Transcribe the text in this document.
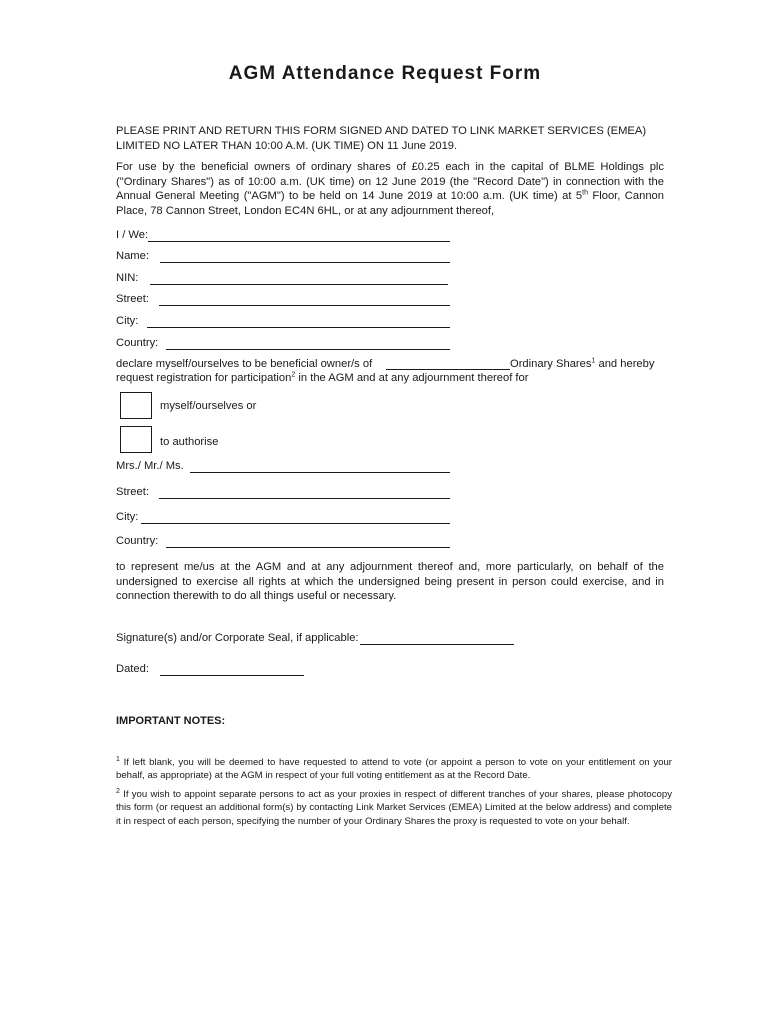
AGM Attendance Request Form
PLEASE PRINT AND RETURN THIS FORM SIGNED AND DATED TO LINK MARKET SERVICES (EMEA) LIMITED NO LATER THAN 10:00 A.M. (UK TIME) ON 11 June 2019.
For use by the beneficial owners of ordinary shares of £0.25 each in the capital of BLME Holdings plc ("Ordinary Shares") as of 10:00 a.m. (UK time) on 12 June 2019 (the "Record Date") in connection with the Annual General Meeting ("AGM") to be held on 14 June 2019 at 10:00 a.m. (UK time) at 5th Floor, Cannon Place, 78 Cannon Street, London EC4N 6HL, or at any adjournment thereof,
I / We:
Name:
NIN:
Street:
City:
Country:
declare myself/ourselves to be beneficial owner/s of	Ordinary Shares$^1$ and hereby
request registration for participation$^2$ in the AGM and at any adjournment thereof for
myself/ourselves or
to authorise
Mrs./ Mr./ Ms.
Street:
City:
Country:
to represent me/us at the AGM and at any adjournment thereof and, more particularly, on behalf of the undersigned to exercise all rights at which the undersigned being present in person could exercise, and in connection therewith to do all things useful or necessary.
Signature(s) and/or Corporate Seal, if applicable:
Dated:
IMPORTANT NOTES:
$^1$ If left blank, you will be deemed to have requested to attend to vote (or appoint a person to vote on your entitlement on your behalf, as appropriate) at the AGM in respect of your full voting entitlement as at the Record Date.
$^2$ If you wish to appoint separate persons to act as your proxies in respect of different tranches of your shares, please photocopy this form (or request an additional form(s) by contacting Link Market Services (EMEA) Limited at the below address) and complete it in respect of each person, specifying the number of your Ordinary Shares the proxy is requested to vote on your behalf.
